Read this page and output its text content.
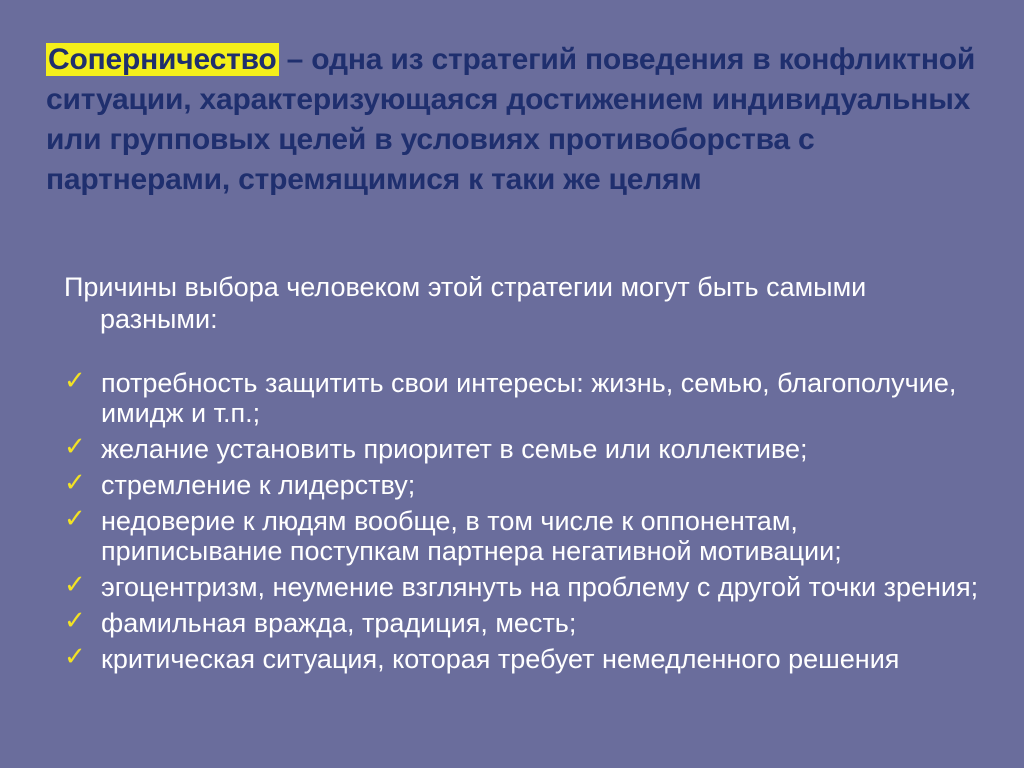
Соперничество – одна из стратегий поведения в конфликтной ситуации, характеризующаяся достижением индивидуальных или групповых целей в условиях противоборства с партнерами, стремящимися к таки же целям
Причины выбора человеком этой стратегии могут быть самыми
разными:
✓ потребность защитить свои интересы: жизнь, семью, благополучие, имидж и т.п.;
✓ желание установить приоритет в семье или коллективе;
✓ стремление к лидерству;
✓ недоверие к людям вообще, в том числе к оппонентам, приписывание поступкам партнера негативной мотивации;
✓ эгоцентризм, неумение взглянуть на проблему с другой точки зрения;
✓ фамильная вражда, традиция, месть;
✓ критическая ситуация, которая требует немедленного решения
